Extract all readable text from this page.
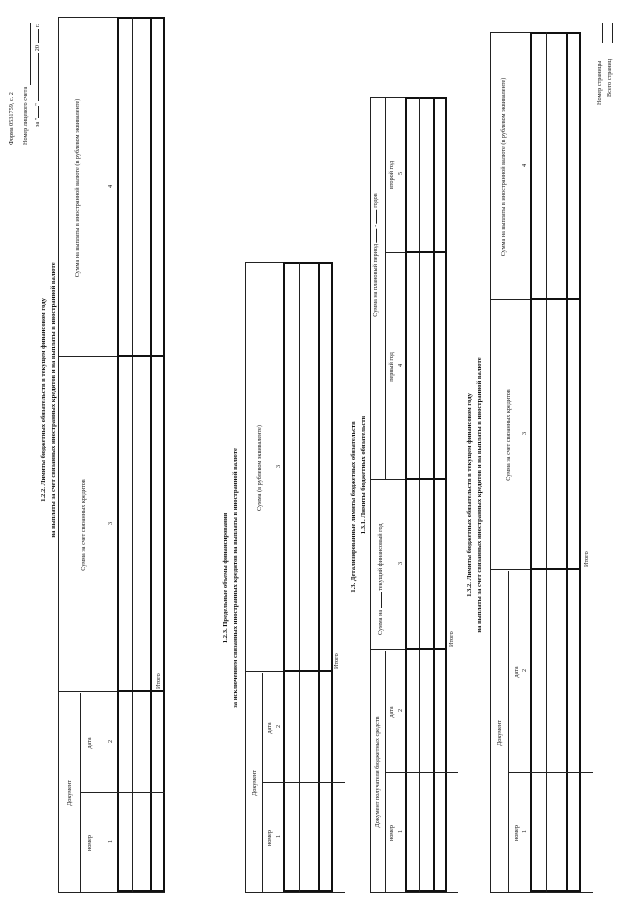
Форма 0531759, с. 2 Номер лицевого счета за ""20г.
1.2.2. Лимиты бюджетных обязательств в текущем финансовом году на выплаты за счет связанных иностранных кредитов и на выплаты в иностранной валюте
Документ
номер
дата
Сумма за счет связанных кредитов
Сумма на выплаты в иностранной валюте (в рублевом эквиваленте)
1
2
3
4
Итого
1.2.3. Предельные объемы финансирования за исключением связанных иностранных кредитов на выплаты в иностранной валюте
Документ
номер
дата
Сумма (в рублевом эквиваленте)
1
2
3
Итого
1.3. Детализированные лимиты бюджетных обязательств 1.3.1. Лимиты бюджетных обязательств
Документ получателя бюджетных средств
номер
дата
Сумма на  текущий финансовый год
Сумма на плановый период  -  годов
первый год
второй год
1
2
3
4
5
Итого
1.3.2. Лимиты бюджетных обязательств в текущем финансовом году на выплаты за счет связанных иностранных кредитов и на выплаты в иностранной валюте
Документ
номер
дата
Сумма за счет связанных кредитов
Сумма на выплаты в иностранной валюте (в рублевом эквиваленте)
1
2
3
4
Итого
Номер страницы Всего страниц
